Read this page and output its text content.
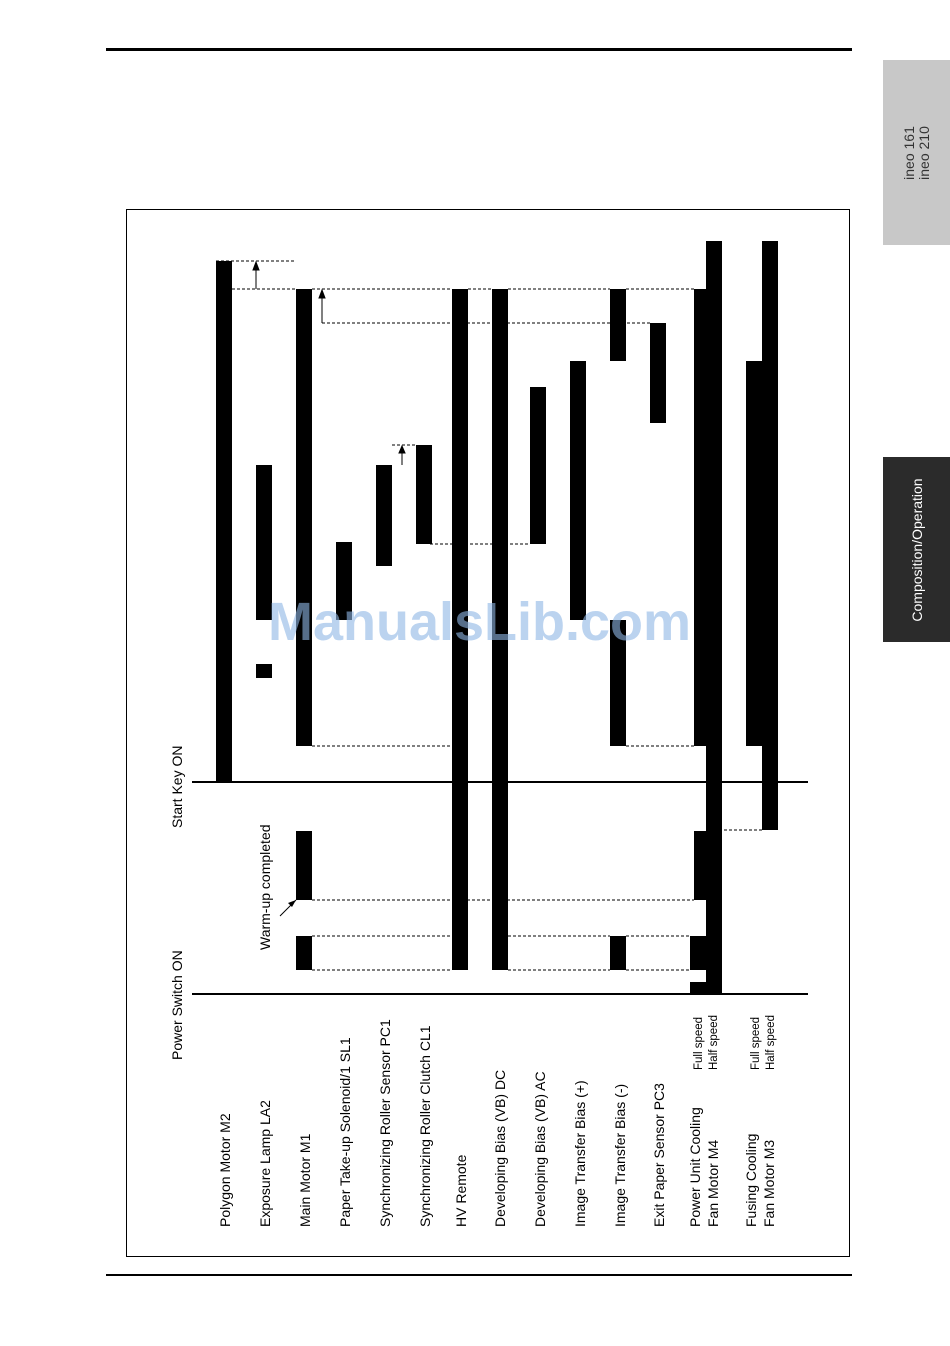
ineo 161 ineo 210
Composition/Operation
Power Switch ON
Start Key ON
Warm-up completed
Polygon Motor M2 Exposure Lamp LA2 Main Motor M1 Paper Take-up Solenoid/1 SL1 Synchronizing Roller Sensor PC1 Synchronizing Roller Clutch CL1 HV Remote Developing Bias (VB) DC Developing Bias (VB) AC Image Transfer Bias (+) Image Transfer Bias (-) Exit Paper Sensor PC3 Power Unit Cooling Fan Motor M4 Fusing Cooling Fan Motor M3
Full speed Half speed	Full speed Half speed
ManualsLib.com
